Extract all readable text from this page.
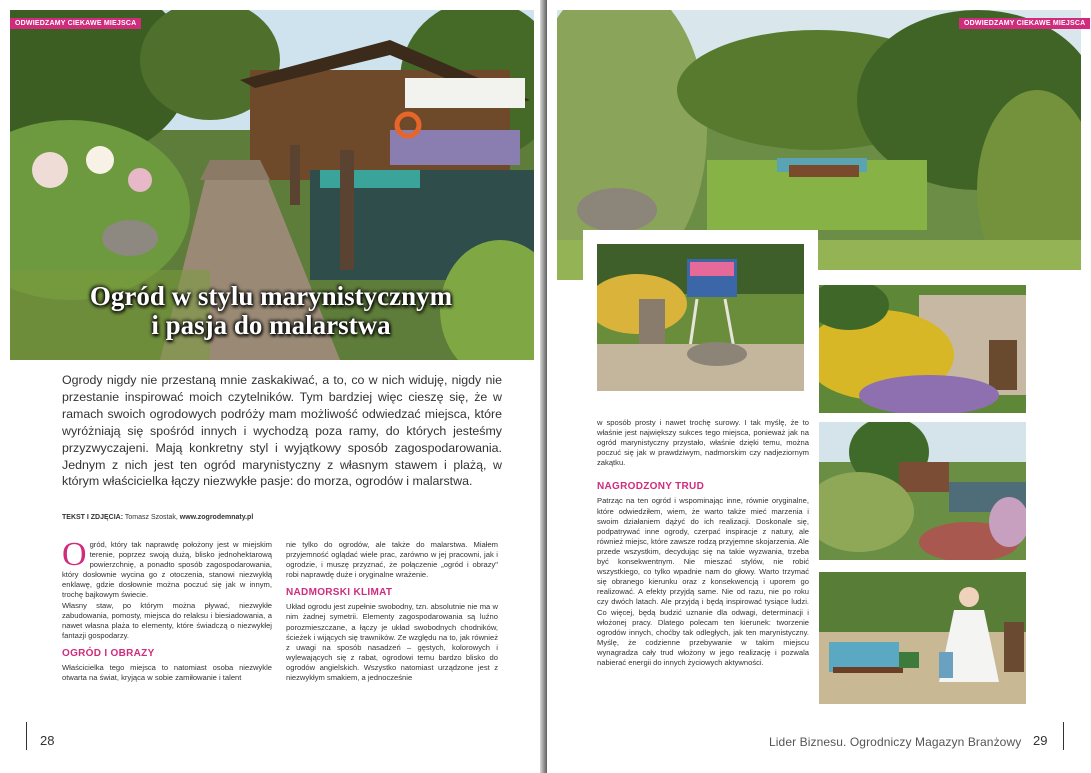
ODWIEDZAMY CIEKAWE MIEJSCA
Ogród w stylu marynistycznym
i pasja do malarstwa

Ogrody nigdy nie przestaną mnie zaskakiwać, a to, co w nich widuję, nigdy nie przestanie inspirować moich czytelników. Tym bardziej więc cieszę się, że w ramach swoich ogrodowych podróży mam możliwość odwiedzać miejsca, które wyróżniają się spośród innych i wychodzą poza ramy, do których jesteśmy przyzwyczajeni. Mają konkretny styl i wyjątkowy sposób zagospodarowania. Jednym z nich jest ten ogród marynistyczny z własnym stawem i plażą, w którym właścicielka łączy niezwykłe pasje: do morza, ogrodów i malarstwa.

TEKST I ZDJĘCIA: Tomasz Szostak, www.zogrodemnaty.pl

Ogród, który tak naprawdę położony jest w miejskim terenie, poprzez swoją dużą, blisko jednohektarową powierzchnię, a ponadto sposób zagospodarowania, który dosłownie wycina go z otoczenia, stanowi niezwykłą enklawę, gdzie dosłownie można poczuć się jak w innym, trochę bajkowym świecie.

Własny staw, po którym można pływać, niezwykłe zabudowania, pomosty, miejsca do relaksu i biesiadowania, a nawet własna plaża to elementy, które świadczą o niezwykłej fantazji gospodarzy.

OGRÓD I OBRAZY

Właścicielka tego miejsca to natomiast osoba niezwykle otwarta na świat, kryjąca w sobie zamiłowanie i talent

nie tylko do ogrodów, ale także do malarstwa. Miałem przyjemność oglądać wiele prac, zarówno w jej pracowni, jak i ogrodzie, i muszę przyznać, że połączenie „ogród i obrazy" robi naprawdę duże i oryginalne wrażenie.

NADMORSKI KLIMAT

Układ ogrodu jest zupełnie swobodny, tzn. absolutnie nie ma w nim żadnej symetrii. Elementy zagospodarowania są luźno porozmieszczane, a łączy je układ swobodnych chodników, ścieżek i wijących się trawników. Ze względu na to, jak również z uwagi na sposób nasadzeń – gęstych, kolorowych i wylewających się z rabat, ogrodowi temu bardzo blisko do ogrodów angielskich. Wszystko natomiast urządzone jest z niezwykłym smakiem, a jednocześnie

28
ODWIEDZAMY CIEKAWE MIEJSCA

w sposób prosty i nawet trochę surowy. I tak myślę, że to właśnie jest największy sukces tego miejsca, ponieważ jak na ogród marynistyczny przystało, właśnie dzięki temu, można poczuć się jak w prawdziwym, nadmorskim czy nadjeziornym zakątku.

NAGRODZONY TRUD

Patrząc na ten ogród i wspominając inne, równie oryginalne, które odwiedziłem, wiem, że warto także mieć marzenia i swoim działaniem dążyć do ich realizacji. Doskonale się, podpatrywać inne ogrody, czerpać inspiracje z natury, ale również miejsc, które zawsze rodzą przyjemne skojarzenia. Ale przede wszystkim, decydując się na takie wyzwania, trzeba być konsekwentnym. Nie mieszać stylów, nie robić wszystkiego, co tylko wpadnie nam do głowy. Warto trzymać się obranego kierunku oraz z konsekwencją i uporem go realizować. A efekty przyjdą same. Nie od razu, nie po roku czy dwóch latach. Ale przyjdą i będą inspirować tysiące ludzi. Co więcej, będą budzić uznanie dla odwagi, determinacji i włożonej pracy. Dlatego polecam ten kierunek: tworzenie ogrodów innych, choćby tak odległych, jak ten marynistyczny. Myślę, że codzienne przebywanie w takim miejscu wynagradza cały trud włożony w jego realizację i pozwala nabierać energii do innych życiowych aktywności.

Lider Biznesu. Ogrodniczy Magazyn Branżowy 29
